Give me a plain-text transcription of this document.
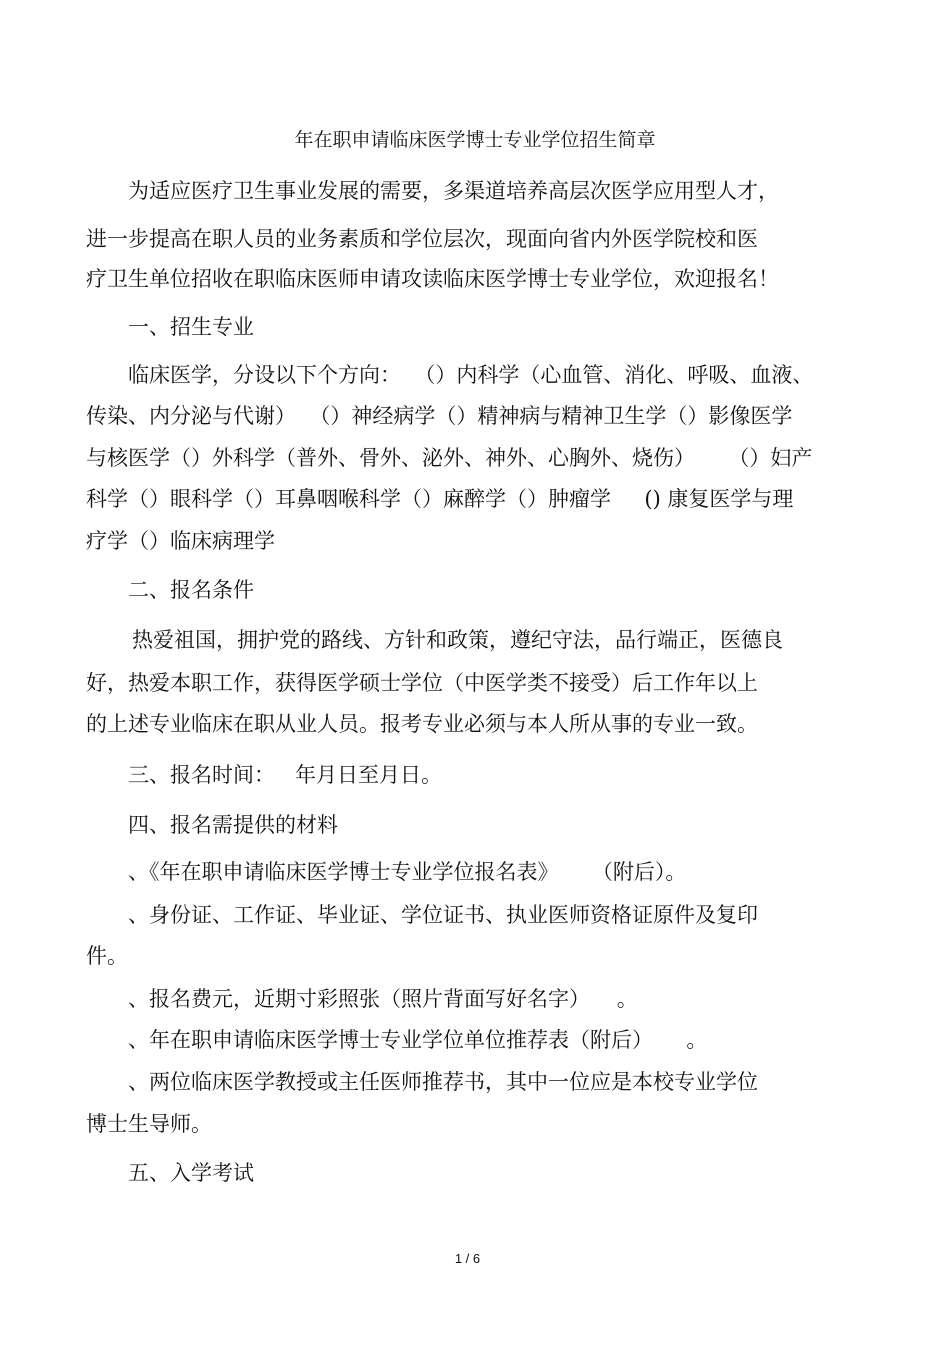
年在职申请临床医学博士专业学位招生简章
为适应医疗卫生事业发展的需要，多渠道培养高层次医学应用型人才，
进一步提高在职人员的业务素质和学位层次，现面向省内外医学院校和医
疗卫生单位招收在职临床医师申请攻读临床医学博士专业学位，欢迎报名！
一、招生专业
临床医学，分设以下个方向：  （）内科学（心血管、消化、呼吸、血液、
传染、内分泌与代谢）  （）神经病学（）精神病与精神卫生学（）影像医学
与核医学（）外科学（普外、骨外、泌外、神外、心胸外、烧伤）     （）妇产
科学（）眼科学（）耳鼻咽喉科学（）麻醉学（）肿瘤学     () 康复医学与理
疗学（）临床病理学
二、报名条件
热爱祖国，拥护党的路线、方针和政策，遵纪守法，品行端正，医德良
好，热爱本职工作，获得医学硕士学位（中医学类不接受）后工作年以上
的上述专业临床在职从业人员。报考专业必须与本人所从事的专业一致。
三、报名时间：   年月日至月日。
四、报名需提供的材料
、《年在职申请临床医学博士专业学位报名表》     （附后）。
、身份证、工作证、毕业证、学位证书、执业医师资格证原件及复印
件。
、报名费元，近期寸彩照张（照片背面写好名字）    。
、年在职申请临床医学博士专业学位单位推荐表（附后）     。
、两位临床医学教授或主任医师推荐书，其中一位应是本校专业学位
博士生导师。
五、入学考试
1 / 6
